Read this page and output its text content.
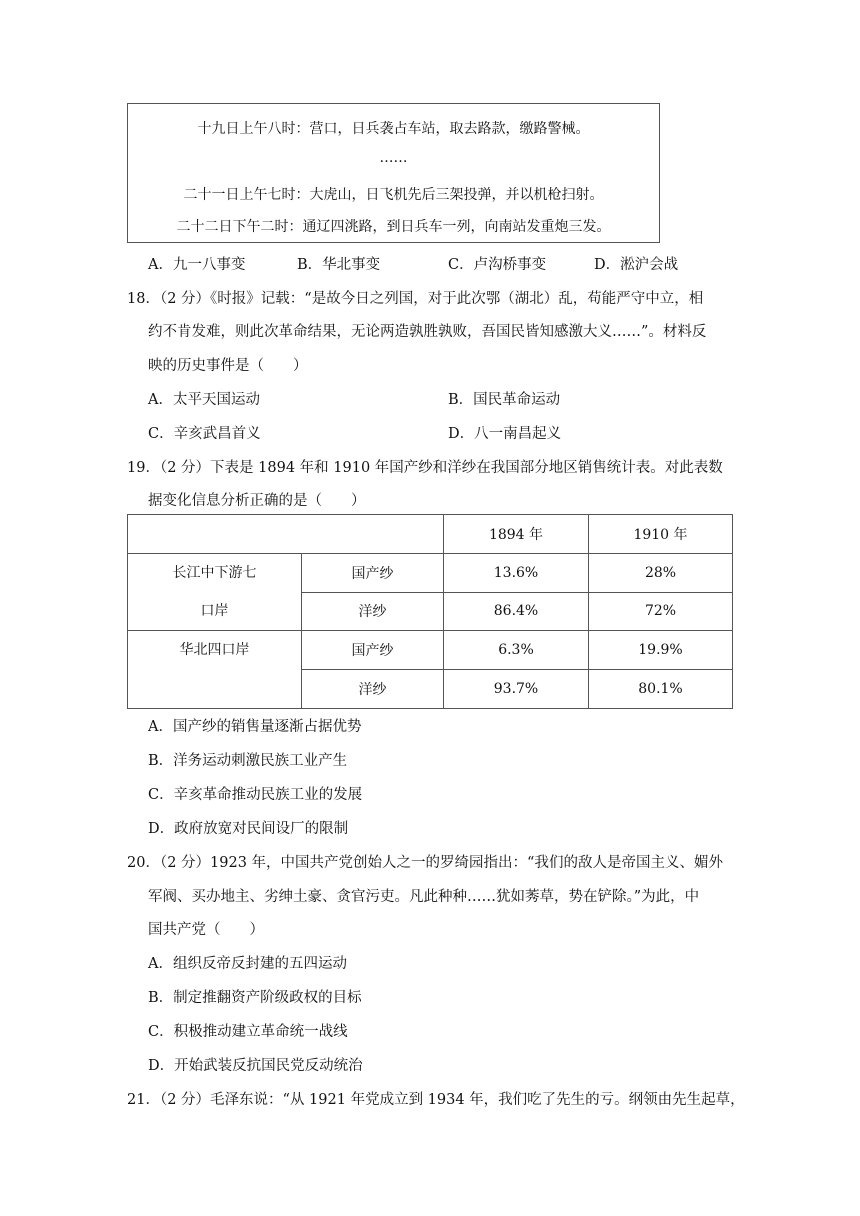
十九日上午八时：营口，日兵袭占车站，取去路款，缴路警械。
……
二十一日上午七时：大虎山，日飞机先后三架投弹，并以机枪扫射。
二十二日下午二时：通辽四洮路，到日兵车一列，向南站发重炮三发。
A．九一八事变	B．华北事变	C．卢沟桥事变	D．淞沪会战
18．（2 分）《时报》记载：“是故今日之列国，对于此次鄂（湖北）乱，苟能严守中立，相
约不肯发难，则此次革命结果，无论两造孰胜孰败，吾国民皆知感激大义……”。材料反
映的历史事件是（　　）
A．太平天国运动	B．国民革命运动
C．辛亥武昌首义	D．八一南昌起义
19．（2 分）下表是 1894 年和 1910 年国产纱和洋纱在我国部分地区销售统计表。对此表数
据变化信息分析正确的是（　　）
		1894 年	1910 年

长江中下游七口岸	国产纱	13.6%	28%
	洋纱	86.4%	72%

华北四口岸	国产纱	6.3%	19.9%
	洋纱	93.7%	80.1%
A．国产纱的销售量逐渐占据优势
B．洋务运动刺激民族工业产生
C．辛亥革命推动民族工业的发展
D．政府放宽对民间设厂的限制
20．（2 分）1923 年，中国共产党创始人之一的罗绮园指出：“我们的敌人是帝国主义、媚外
军阀、买办地主、劣绅土豪、贪官污吏。凡此种种……犹如莠草，势在铲除。”为此，中
国共产党（　　）
A．组织反帝反封建的五四运动
B．制定推翻资产阶级政权的目标
C．积极推动建立革命统一战线
D．开始武装反抗国民党反动统治
21．（2 分）毛泽东说：“从 1921 年党成立到 1934 年，我们吃了先生的亏。纲领由先生起草，
